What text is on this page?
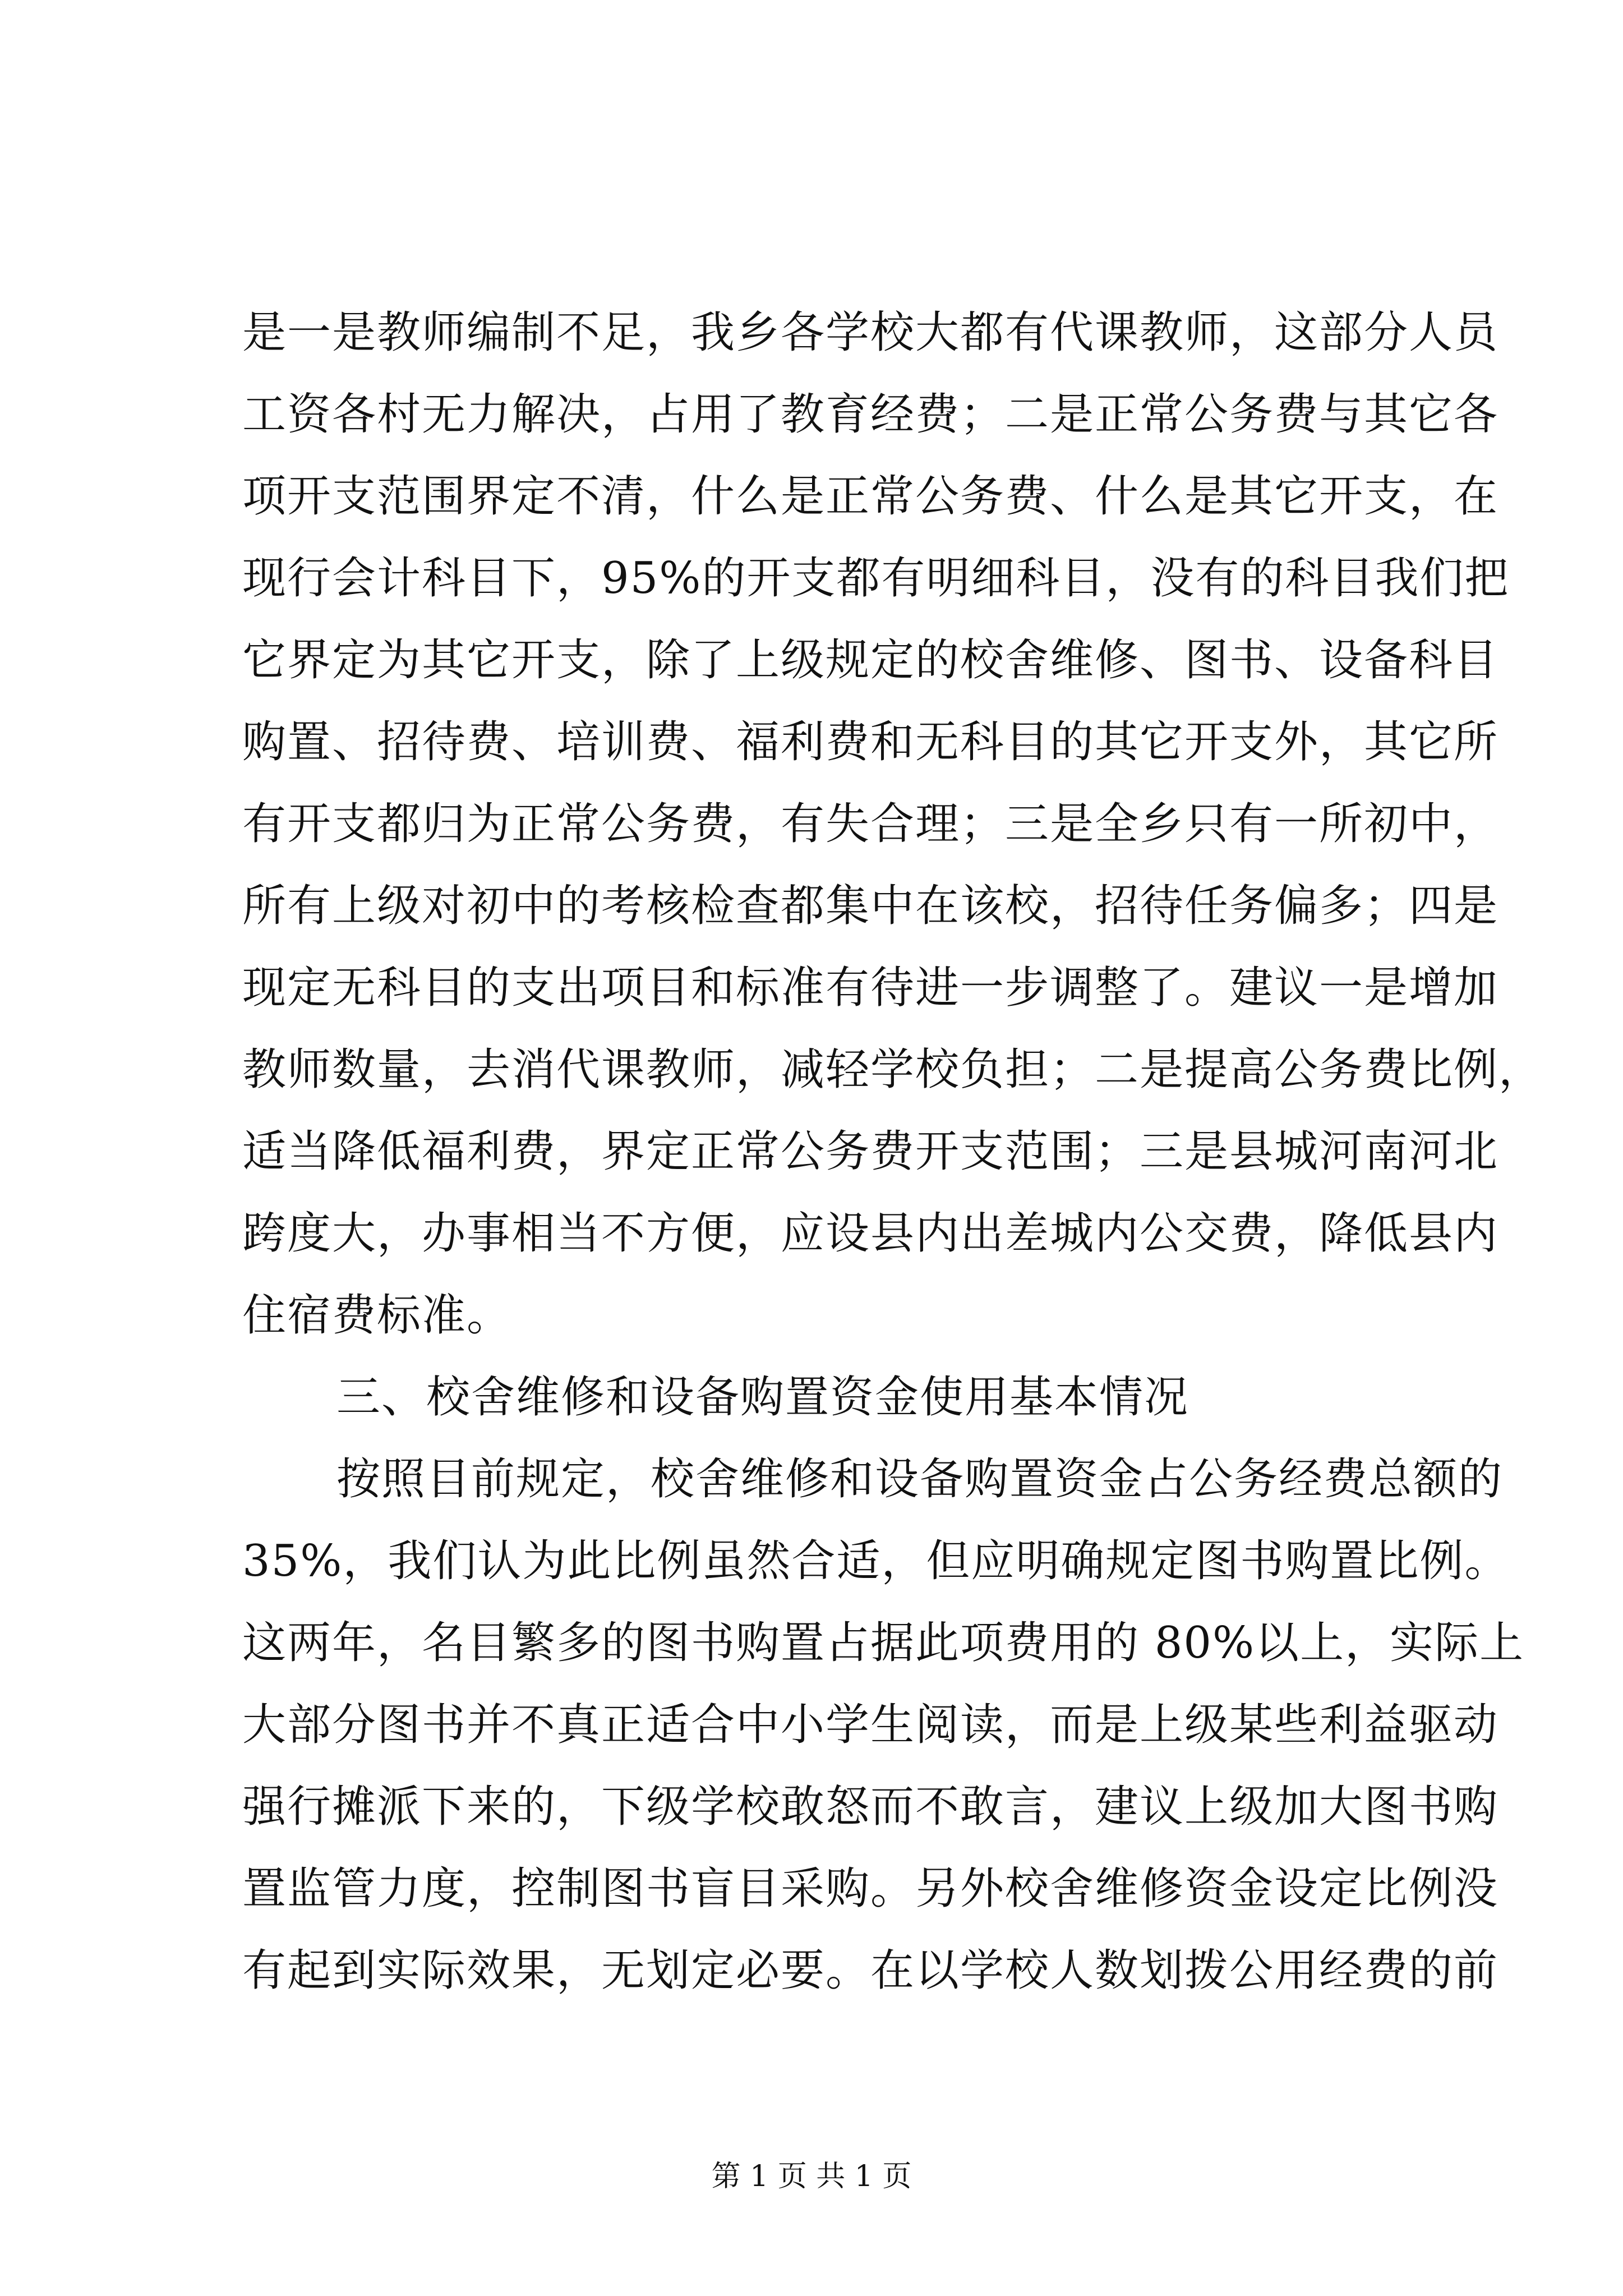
是一是教师编制不足，我乡各学校大都有代课教师，这部分人员
工资各村无力解决，占用了教育经费；二是正常公务费与其它各
项开支范围界定不清，什么是正常公务费、什么是其它开支，在
现行会计科目下，95%的开支都有明细科目，没有的科目我们把
它界定为其它开支，除了上级规定的校舍维修、图书、设备科目
购置、招待费、培训费、福利费和无科目的其它开支外，其它所
有开支都归为正常公务费，有失合理；三是全乡只有一所初中，
所有上级对初中的考核检查都集中在该校，招待任务偏多；四是
现定无科目的支出项目和标准有待进一步调整了。建议一是增加
教师数量，去消代课教师，减轻学校负担；二是提高公务费比例，
适当降低福利费，界定正常公务费开支范围；三是县城河南河北
跨度大，办事相当不方便，应设县内出差城内公交费，降低县内
住宿费标准。
三、校舍维修和设备购置资金使用基本情况
按照目前规定，校舍维修和设备购置资金占公务经费总额的
35%，我们认为此比例虽然合适，但应明确规定图书购置比例。
这两年，名目繁多的图书购置占据此项费用的 80%以上，实际上
大部分图书并不真正适合中小学生阅读，而是上级某些利益驱动
强行摊派下来的，下级学校敢怒而不敢言，建议上级加大图书购
置监管力度，控制图书盲目采购。另外校舍维修资金设定比例没
有起到实际效果，无划定必要。在以学校人数划拨公用经费的前
第 1 页 共 1 页
